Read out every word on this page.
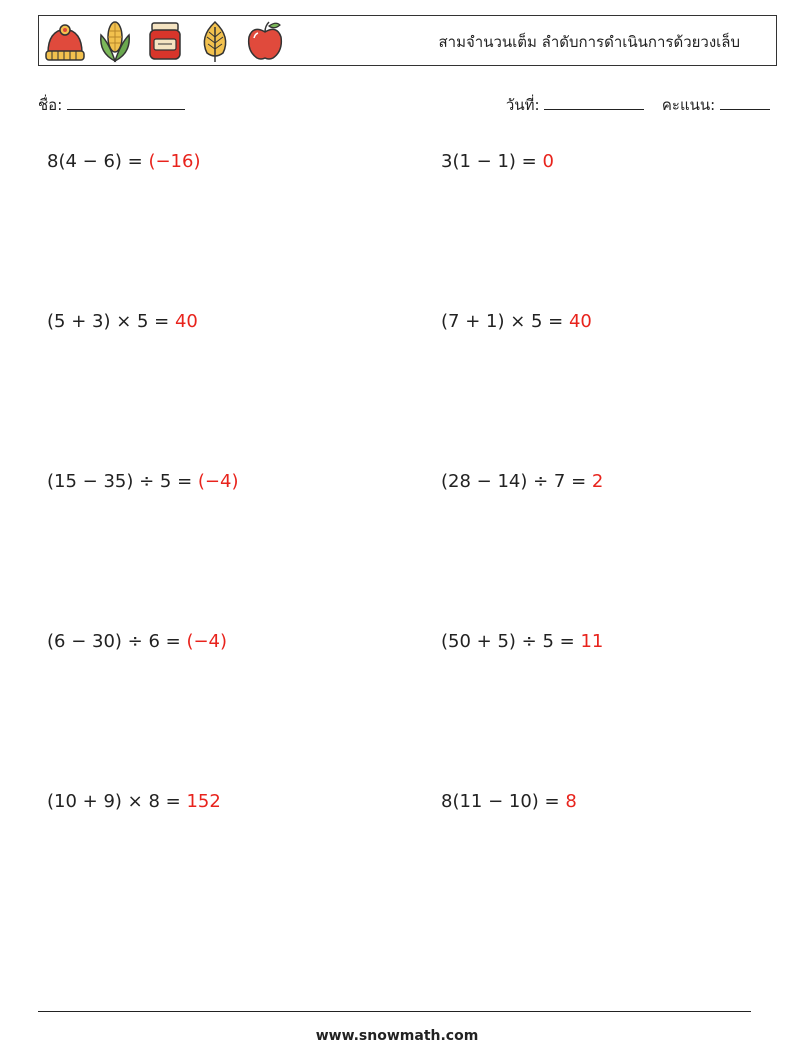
สามจำนวนเต็ม ลำดับการดำเนินการด้วยวงเล็บ
ชื่อ:	วันที่:	คะแนน:
8(4 − 6) = (−16)	3(1 − 1) = 0
(5 + 3) × 5 = 40	(7 + 1) × 5 = 40
(15 − 35) ÷ 5 = (−4)	(28 − 14) ÷ 7 = 2
(6 − 30) ÷ 6 = (−4)	(50 + 5) ÷ 5 = 11
(10 + 9) × 8 = 152	8(11 − 10) = 8
www.snowmath.com
